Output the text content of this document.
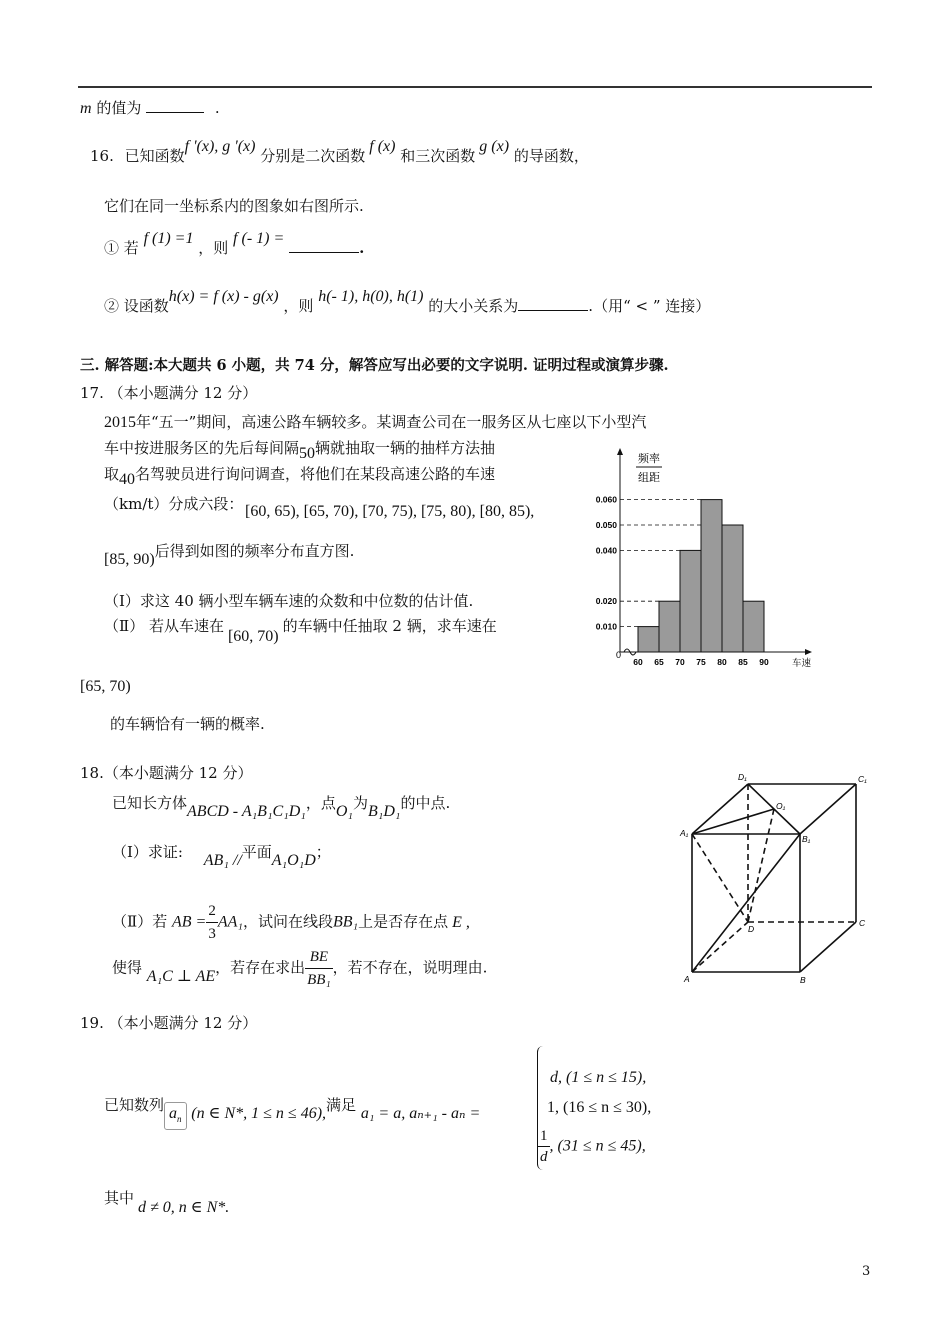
m 的值为	.
16. 已知函数f '(x), g '(x) 分别是二次函数f (x) 和三次函数g (x) 的导函数，
它们在同一坐标系内的图象如右图所示.
① 若 f (1) =1 ，则 f (- 1) = .
② 设函数h(x) = f (x) - g(x) ，则 h(- 1), h(0), h(1) 的大小关系为	.（用“ < ” 连接）
三. 解答题:本大题共 6 小题，共 74 分，解答应写出必要的文字说明. 证明过程或演算步骤.
17. （本小题满分 12 分）
2015年“五一”期间，高速公路车辆较多。某调查公司在一服务区从七座以下小型汽
车中按进服务区的先后每间隔50辆就抽取一辆的抽样方法抽
取40名驾驶员进行询问调查，将他们在某段高速公路的车速
（km/t）分成六段： [60, 65), [65, 70), [70, 75), [75, 80), [80, 85),
[85, 90)后得到如图的频率分布直方图.
（Ⅰ）求这 40 辆小型车辆车速的众数和中位数的估计值.
（Ⅱ） 若从车速在[60, 70)的车辆中任抽取 2 辆，求车速在
[65, 70)
的车辆恰有一辆的概率.
频率
组距
0.060
0.050
0.040
0.020
0.010
60 65 70 75 80 85 90
0
车速
18.（本小题满分 12 分）
已知长方体ABCD - A₁B₁C₁D₁，点O₁为B₁D₁的中点.
（Ⅰ）求证: AB₁ //平面A₁O₁D；
（Ⅱ）若 AB = $\frac{2}{3} AA_1$，试问在线段BB₁上是否存在点 E ,
使得 A₁C ⊥ AE，若存在求出 $\frac{BE}{\text{BB₁}}$ ，若不存在，说明理由.
D₁	C₁
O₁
A₁
B₁
D
C
A	B
19. （本小题满分 12 分）
已知数列 $a_n$ (n ∈ N*, 1 ≤ n ≤ 46),满足 a₁ = a, aₙ₊₁ - aₙ =
d, (1 ≤ n ≤ 15),
1, (16 ≤ n ≤ 30),
$\frac{1}{d}$ , (31 ≤ n ≤ 45),
其中
d ≠ 0, n ∈ N*.
3
